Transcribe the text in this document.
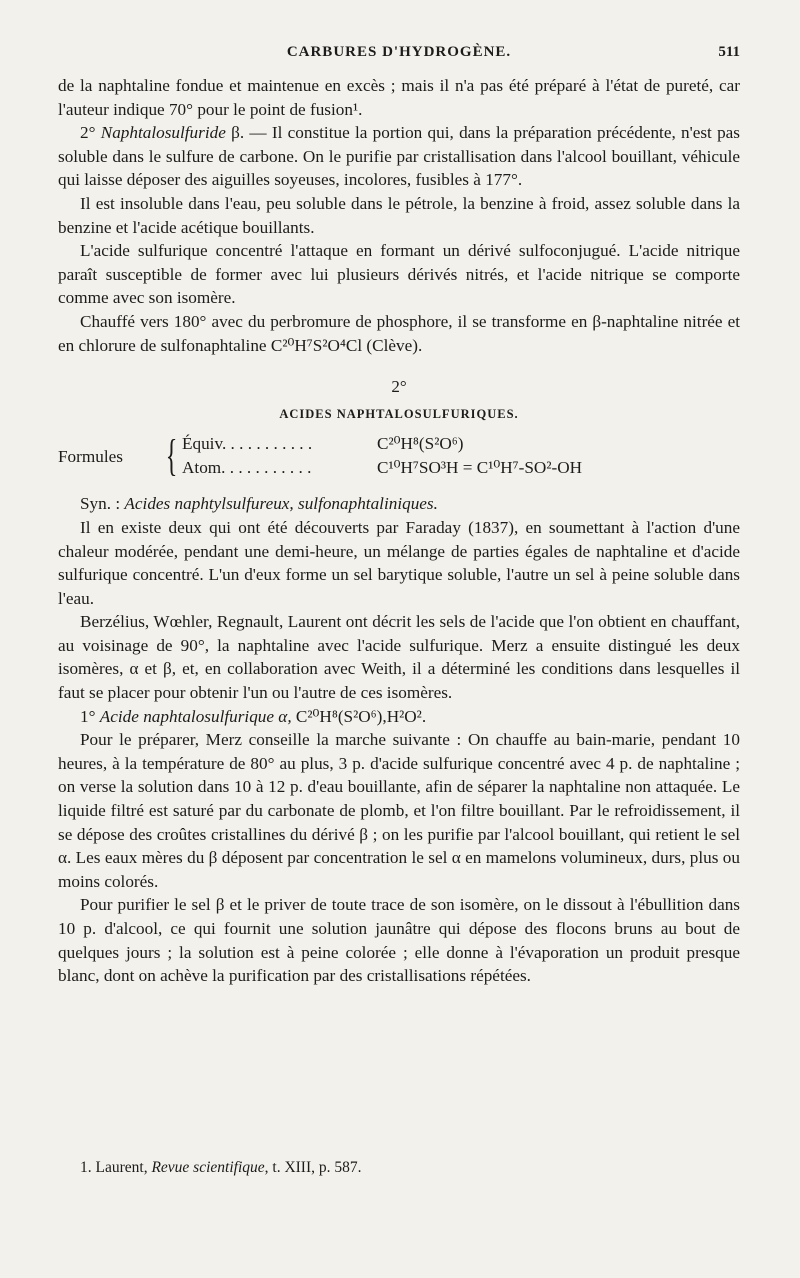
CARBURES D'HYDROGÈNE.	511

de la naphtaline fondue et maintenue en excès ; mais il n'a pas été préparé à l'état de pureté, car l'auteur indique 70° pour le point de fusion¹.

2° Naphtalosulfuride β. — Il constitue la portion qui, dans la préparation précédente, n'est pas soluble dans le sulfure de carbone. On le purifie par cristallisation dans l'alcool bouillant, véhicule qui laisse déposer des aiguilles soyeuses, incolores, fusibles à 177°.

Il est insoluble dans l'eau, peu soluble dans le pétrole, la benzine à froid, assez soluble dans la benzine et l'acide acétique bouillants.

L'acide sulfurique concentré l'attaque en formant un dérivé sulfoconjugué. L'acide nitrique paraît susceptible de former avec lui plusieurs dérivés nitrés, et l'acide nitrique se comporte comme avec son isomère.

Chauffé vers 180° avec du perbromure de phosphore, il se transforme en β-naphtaline nitrée et en chlorure de sulfonaphtaline C²⁰H⁷S²O⁴Cl (Clève).

2°
ACIDES NAPHTALOSULFURIQUES.
Formules { Équiv. . . . . . . . . . .	C²⁰H⁸(S²O⁶)
Atom. . . . . . . . . . .	C¹⁰H⁷SO³H = C¹⁰H⁷-SO²-OH

Syn. : Acides naphtylsulfureux, sulfonaphtaliniques.

Il en existe deux qui ont été découverts par Faraday (1837), en soumettant à l'action d'une chaleur modérée, pendant une demi-heure, un mélange de parties égales de naphtaline et d'acide sulfurique concentré. L'un d'eux forme un sel barytique soluble, l'autre un sel à peine soluble dans l'eau.

Berzélius, Wœhler, Regnault, Laurent ont décrit les sels de l'acide que l'on obtient en chauffant, au voisinage de 90°, la naphtaline avec l'acide sulfurique. Merz a ensuite distingué les deux isomères, α et β, et, en collaboration avec Weith, il a déterminé les conditions dans lesquelles il faut se placer pour obtenir l'un ou l'autre de ces isomères.

1° Acide naphtalosulfurique α, C²⁰H⁸(S²O⁶),H²O².

Pour le préparer, Merz conseille la marche suivante : On chauffe au bain-marie, pendant 10 heures, à la température de 80° au plus, 3 p. d'acide sulfurique concentré avec 4 p. de naphtaline ; on verse la solution dans 10 à 12 p. d'eau bouillante, afin de séparer la naphtaline non attaquée. Le liquide filtré est saturé par du carbonate de plomb, et l'on filtre bouillant. Par le refroidissement, il se dépose des croûtes cristallines du dérivé β ; on les purifie par l'alcool bouillant, qui retient le sel α. Les eaux mères du β déposent par concentration le sel α en mamelons volumineux, durs, plus ou moins colorés.

Pour purifier le sel β et le priver de toute trace de son isomère, on le dissout à l'ébullition dans 10 p. d'alcool, ce qui fournit une solution jaunâtre qui dépose des flocons bruns au bout de quelques jours ; la solution est à peine colorée ; elle donne à l'évaporation un produit presque blanc, dont on achève la purification par des cristallisations répétées.

1. Laurent, Revue scientifique, t. XIII, p. 587.
